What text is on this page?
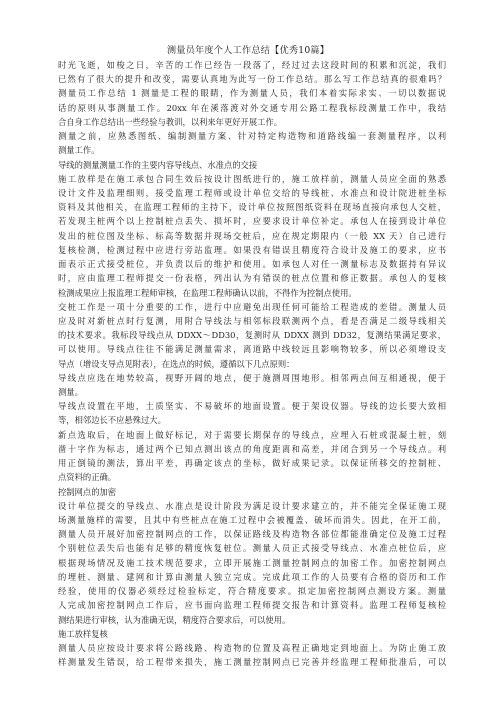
测量员年度个人工作总结【优秀10篇】
时光飞逝，如梭之日，辛苦的工作已经告一段落了，经过过去这段时间的积累和沉淀，我们
已然有了很大的提升和改变，需要认真地为此写一份工作总结。那么写工作总结真的很难吗？
测量员工作总结 1 测量是工程的眼睛，作为测量人员，我们本着实际求实、一切以数据说
话的原则从事测量工作。20xx 年在溪落渡对外交通专用公路工程我标段测量工作中，我结
合自身工作总结出一些经验与教训，以利来年更好开展工作。
测量之前，应熟悉图纸、编制测量方案、针对特定构造物和道路线编一套测量程序，以利
测量工作。
导线的测量测量工作的主要内容导线点、水准点的交接
施工放样是在施工承包合同生效后按设计图纸进行的，施工放样前，测量人员应全面的熟悉
设计文件及监理细则，接受监理工程师或设计单位交给的导线桩、水准点和设计院进桩坐标
资料及其他相关，在监理工程师的主持下，设计单位按照图纸资料在现场直接向承包人交桩，
若发现主桩两个以上控制桩点丢失、损坏时，应要求设计单位补定。承包人在接到设计单位
发出的桩位图及坐标、标高等数据并现场交桩后，应在规定期限内（一般 XX 天）自己进行
复核检测，检测过程中应进行旁站监理。如果没有错误且精度符合设计及施工的要求，应书
面表示正式接受桩位，并负责以后的维护和使用。如承包人对任一测量标志及数据持有异议
时，应由监理工程师提交一份表格，列出认为有错误的桩点位置和修正数据。承包人的复核
检测成果应上报监理工程师审核，在监理工程师确认以前，不得作为控制点使用。
交桩工作是一项十分重要的工作，进行中应避免出现任何可能给工程造成的差错。测量人员
应及时对新桩点时行复测，用附合导线法与相邻标段联测两个点，看是否满足二级导线相关
的技术要求。我标段导线点从 DDXX～DD30，复测时从 DDXX 测到 DD32，复测结果满足要求，
可以使用。导线点往往不能满足测量需求，离道路中线较远且影响物较多，所以必须增设支
导点（增设支导点见附表），在选点的时候，遵循以下几点原则：
导线点应选在地势较高，视野开阔的地点，便于施测周围地形。相邻两点间互相通视，便于
测量。
导线点设置在平地，土质坚实、不易破坏的地面设置。便于架设仪器。导线的边长要大致相
等，相邻边长不应悬殊过大。
新点选取后，在地面上做好标记，对于需要长期保存的导线点，应埋入石桩或混凝土桩，刻
凿十字作为标志，通过两个已知点测出该点的角度距离和高差，并闭合到另一个导线点。利
用正倒镜的测法，算出平差，再确定该点的坐标，做好成果记录。以保证所移交的控制桩、
点资料的正确。
控制网点的加密
设计单位提交的导线点、水准点是设计阶段为满足设计要求建立的，并不能完全保证施工现
场测量施样的需要，且其中有些桩点在施工过程中会被覆盖、破坏而消失。因此，在开工前，
测量人员开展好加密控制网点的工作，以保证路线及构造物各部位都能准确定位及施工过程
个别桩位丢失后也能有足够的精度恢复桩位。测量人员正式接受导线点、水准点桩位后，应
根据现场情况及施工技术规范要求，立即开展施工测量控制网点的加密工作。加密控制网点
的埋桩、测量、建网和计算由测量人独立完成。完成此项工作的人员要有合格的资历和工作
经验，使用的仪器必须经过检验标定，符合精度要求。拟定加密控制网点测设方案。测量
人完成加密控制网点工作后，应书面向监理工程师提交报告和计算资料。监理工程师复核检
测结果进行审核，认为准确无误，精度符合要求后，可以使用。
施工放样复核
测量人员应按设计要求将公路线路、构造物的位置及高程正确地定到地面上。为防止施工放
样测量发生错误，给工程带来损失，施工测量控制网点已完善并经监理工程师批准后，可以
